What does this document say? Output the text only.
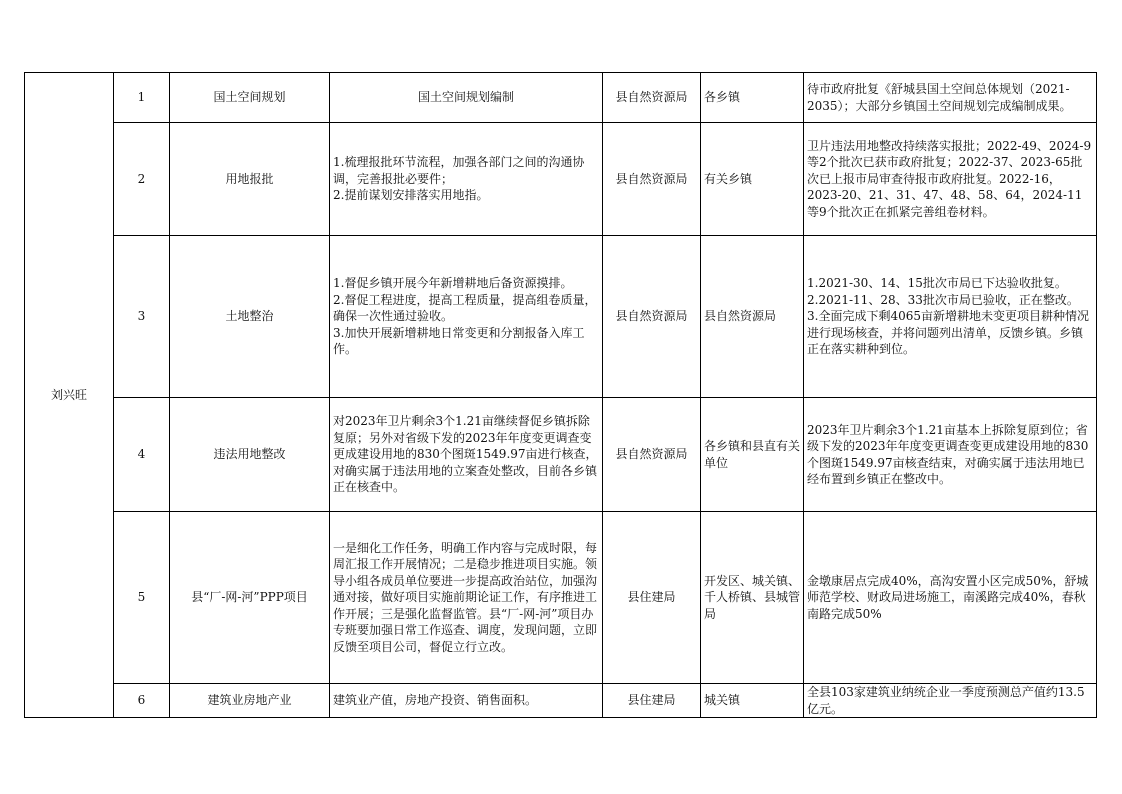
刘兴旺	1	国土空间规划	国土空间规划编制	县自然资源局	各乡镇	待市政府批复《舒城县国土空间总体规划（2021-2035）；大部分乡镇国土空间规划完成编制成果。
	2	用地报批	1.梳理报批环节流程，加强各部门之间的沟通协调，完善报批必要件；
2.提前谋划安排落实用地指。	县自然资源局	有关乡镇	卫片违法用地整改持续落实报批；2022-49、2024-9等2个批次已获市政府批复；2022-37、2023-65批次已上报市局审查待报市政府批复。2022-16，2023-20、21、31、47、48、58、64，2024-11等9个批次正在抓紧完善组卷材料。
	3	土地整治	1.督促乡镇开展今年新增耕地后备资源摸排。
2.督促工程进度，提高工程质量，提高组卷质量，确保一次性通过验收。
3.加快开展新增耕地日常变更和分割报备入库工作。	县自然资源局	县自然资源局	1.2021-30、14、15批次市局已下达验收批复。
2.2021-11、28、33批次市局已验收，正在整改。
3.全面完成下剩4065亩新增耕地未变更项目耕种情况进行现场核查，并将问题列出清单，反馈乡镇。乡镇正在落实耕种到位。
	4	违法用地整改	对2023年卫片剩余3个1.21亩继续督促乡镇拆除复原；另外对省级下发的2023年年度变更调查变更成建设用地的830个图斑1549.97亩进行核查，对确实属于违法用地的立案查处整改，目前各乡镇正在核查中。	县自然资源局	各乡镇和县直有关单位	2023年卫片剩余3个1.21亩基本上拆除复原到位；省级下发的2023年年度变更调查变更成建设用地的830个图斑1549.97亩核查结束，对确实属于违法用地已经布置到乡镇正在整改中。
	5	县“厂-网-河”PPP项目	一是细化工作任务，明确工作内容与完成时限，每周汇报工作开展情况；二是稳步推进项目实施。领导小组各成员单位要进一步提高政治站位，加强沟通对接，做好项目实施前期论证工作，有序推进工作开展；三是强化监督监管。县“厂-网-河”项目办专班要加强日常工作巡查、调度，发现问题，立即反馈至项目公司，督促立行立改。	县住建局	开发区、城关镇、千人桥镇、县城管局	金墩康居点完成40%，高沟安置小区完成50%，舒城师范学校、财政局进场施工，南溪路完成40%，春秋南路完成50%
	6	建筑业房地产业	建筑业产值，房地产投资、销售面积。	县住建局	城关镇	全县103家建筑业纳统企业一季度预测总产值约13.5亿元。
